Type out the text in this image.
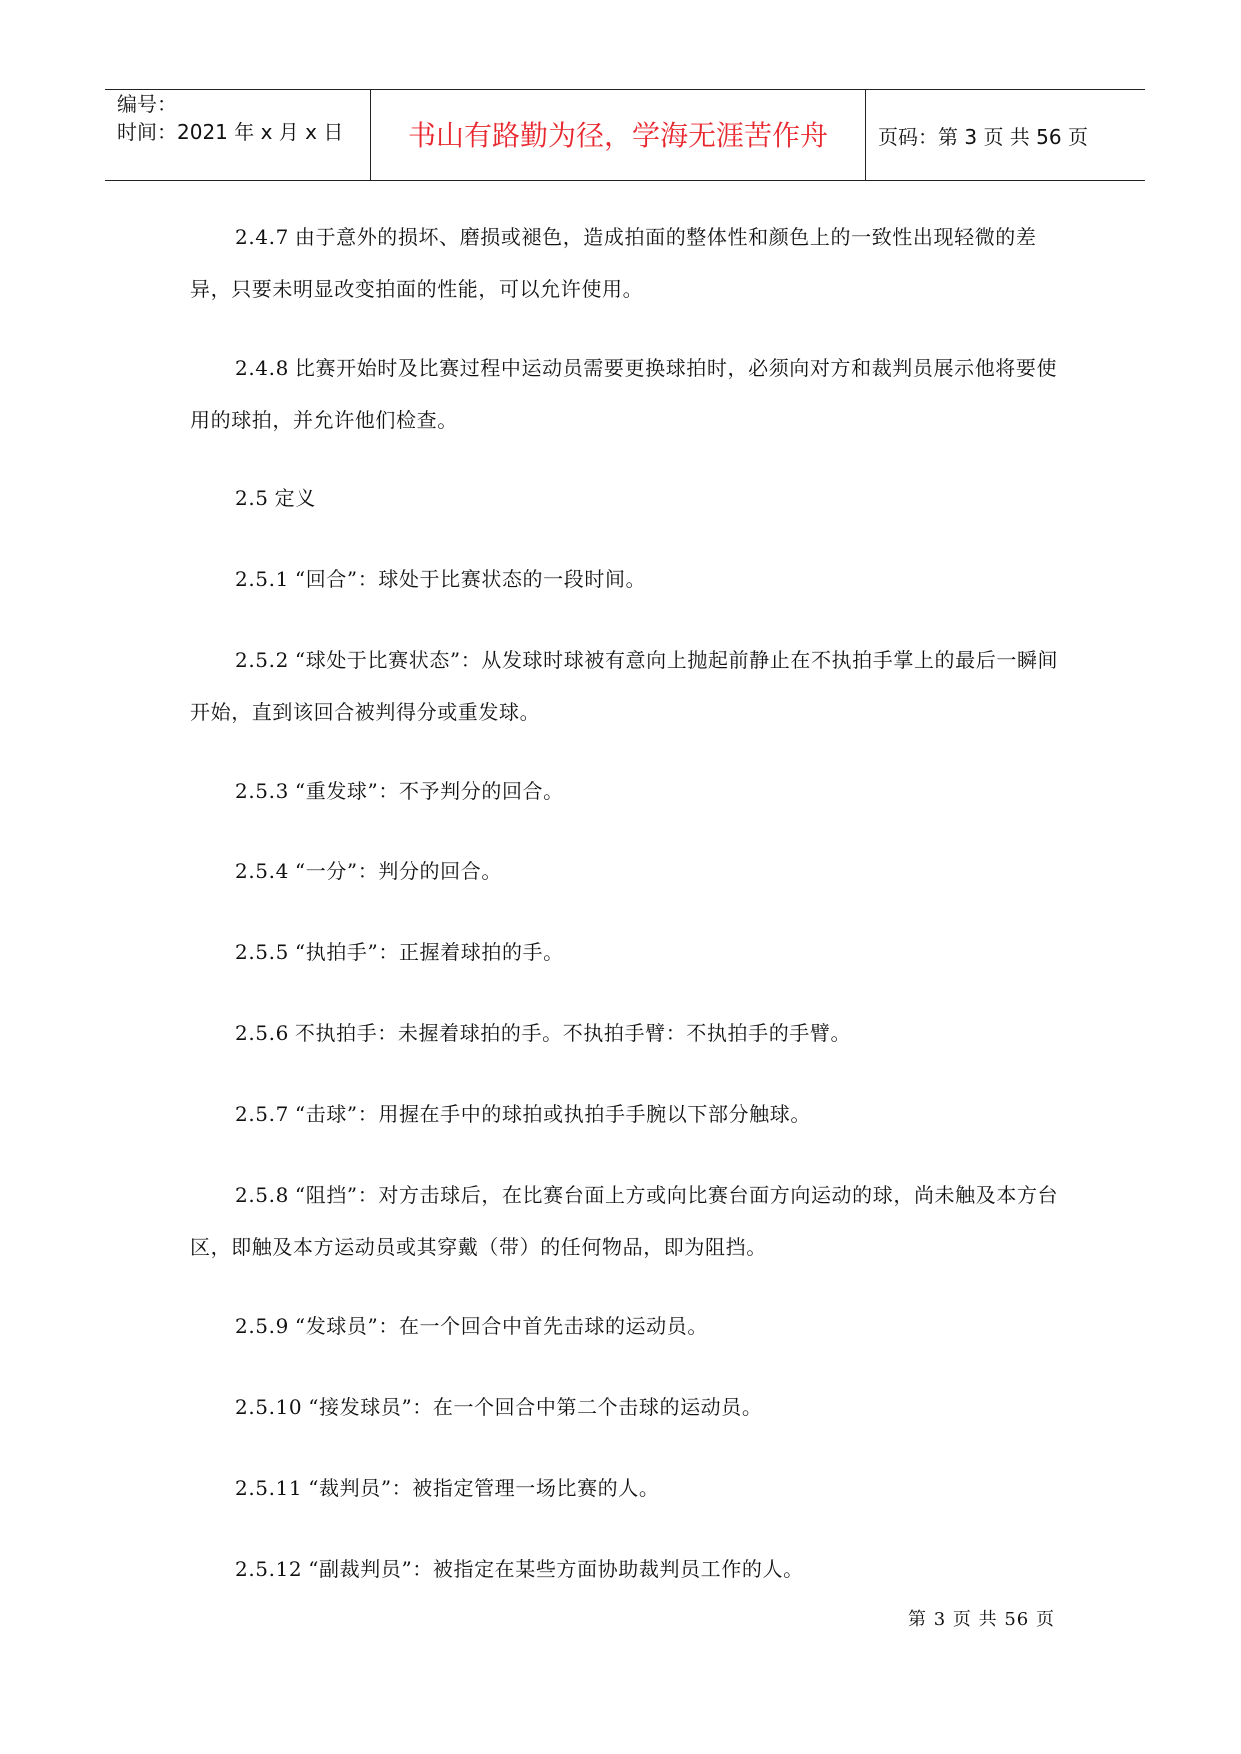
编号：
时间：2021 年 x 月 x 日	书山有路勤为径，学海无涯苦作舟	页码：第 3 页 共 56 页

2.4.7 由于意外的损坏、磨损或褪色，造成拍面的整体性和颜色上的一致性出现轻微的差异，只要未明显改变拍面的性能，可以允许使用。

2.4.8 比赛开始时及比赛过程中运动员需要更换球拍时，必须向对方和裁判员展示他将要使用的球拍，并允许他们检查。

2.5 定义

2.5.1 “回合”：球处于比赛状态的一段时间。

2.5.2 “球处于比赛状态”：从发球时球被有意向上抛起前静止在不执拍手掌上的最后一瞬间开始，直到该回合被判得分或重发球。

2.5.3 “重发球”：不予判分的回合。

2.5.4 “一分”：判分的回合。

2.5.5 “执拍手”：正握着球拍的手。

2.5.6 不执拍手：未握着球拍的手。不执拍手臂：不执拍手的手臂。

2.5.7 “击球”：用握在手中的球拍或执拍手手腕以下部分触球。

2.5.8 “阻挡”：对方击球后，在比赛台面上方或向比赛台面方向运动的球，尚未触及本方台区，即触及本方运动员或其穿戴（带）的任何物品，即为阻挡。

2.5.9 “发球员”：在一个回合中首先击球的运动员。

2.5.10 “接发球员”：在一个回合中第二个击球的运动员。

2.5.11 “裁判员”：被指定管理一场比赛的人。

2.5.12 “副裁判员”：被指定在某些方面协助裁判员工作的人。

第 3 页 共 56 页
